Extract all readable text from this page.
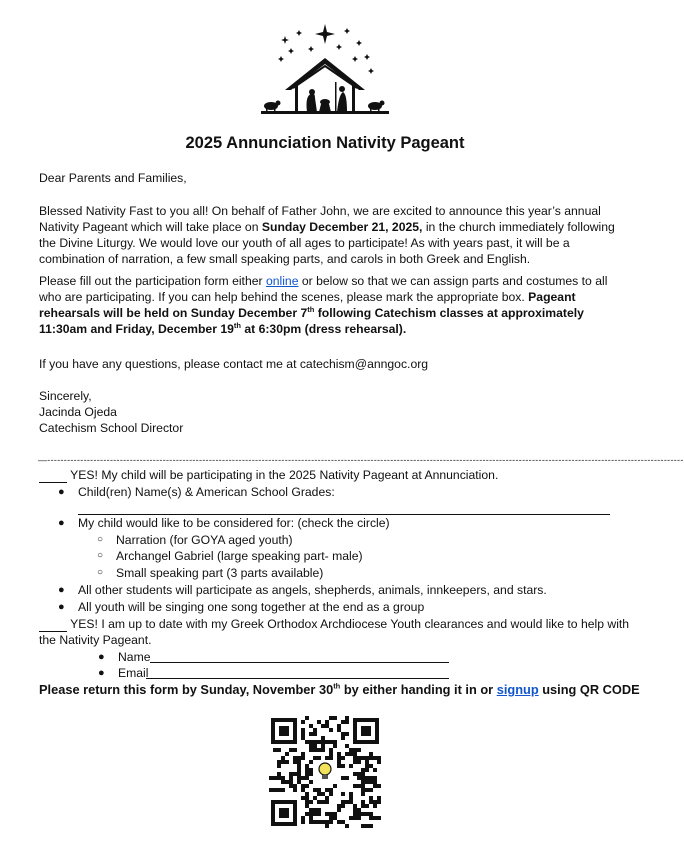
2025 Annunciation Nativity Pageant

Dear Parents and Families,

Blessed Nativity Fast to you all! On behalf of Father John, we are excited to announce this year’s annual Nativity Pageant which will take place on Sunday December 21, 2025, in the church immediately following the Divine Liturgy. We would love our youth of all ages to participate! As with years past, it will be a combination of narration, a few small speaking parts, and carols in both Greek and English.

Please fill out the participation form either online or below so that we can assign parts and costumes to all who are participating. If you can help behind the scenes, please mark the appropriate box. Pageant rehearsals will be held on Sunday December 7th following Catechism classes at approximately 11:30am and Friday, December 19th at 6:30pm (dress rehearsal).

If you have any questions, please contact me at catechism@anngoc.org

Sincerely,

Jacinda Ojeda

Catechism School Director

—-------------------------------------------------------------------------------------------------------------------------------------------------------------------------------------------------
YES! My child will be participating in the 2025 Nativity Pageant at Annunciation.
● Child(ren) Name(s) & American School Grades:
● My child would like to be considered for: (check the circle)
○ Narration (for GOYA aged youth)
○ Archangel Gabriel (large speaking part- male)
○ Small speaking part (3 parts available)
● All other students will participate as angels, shepherds, animals, innkeepers, and stars.
● All youth will be singing one song together at the end as a group
YES! I am up to date with my Greek Orthodox Archdiocese Youth clearances and would like to help with
the Nativity Pageant.
● Name
● Email
Please return this form by Sunday, November 30th by either handing it in or signup using QR CODE
